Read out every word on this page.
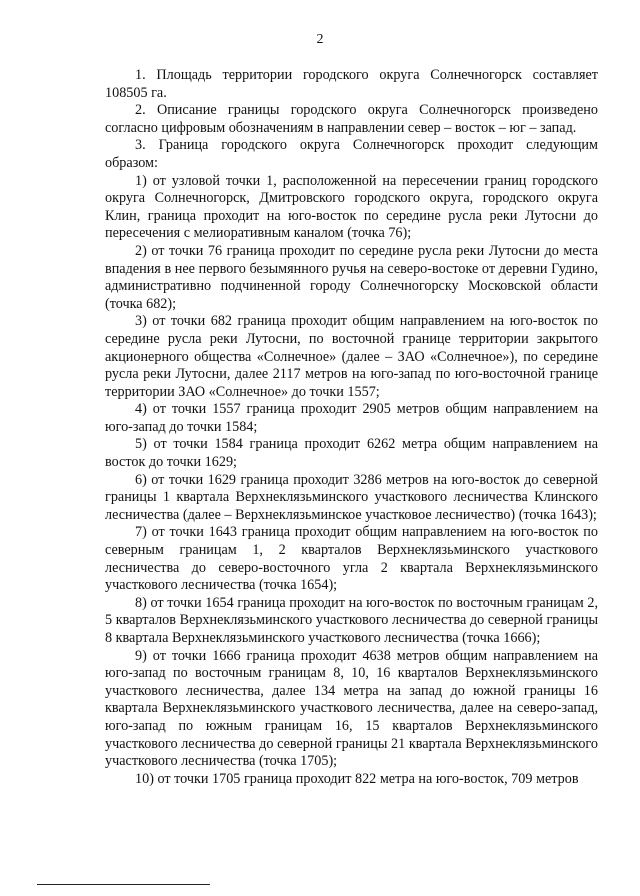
2

1. Площадь территории городского округа Солнечногорск составляет 108505 га.

2. Описание границы городского округа Солнечногорск произведено согласно цифровым обозначениям в направлении север – восток – юг – запад.

3. Граница городского округа Солнечногорск проходит следующим образом:

1) от узловой точки 1, расположенной на пересечении границ городского округа Солнечногорск, Дмитровского городского округа, городского округа Клин, граница проходит на юго-восток по середине русла реки Лутосни до пересечения с мелиоративным каналом (точка 76);

2) от точки 76 граница проходит по середине русла реки Лутосни до места впадения в нее первого безымянного ручья на северо-востоке от деревни Гудино, административно подчиненной городу Солнечногорску Московской области (точка 682);

3) от точки 682 граница проходит общим направлением на юго-восток по середине русла реки Лутосни, по восточной границе территории закрытого акционерного общества «Солнечное» (далее – ЗАО «Солнечное»), по середине русла реки Лутосни, далее 2117 метров на юго-запад по юго-восточной границе территории ЗАО «Солнечное» до точки 1557;

4) от точки 1557 граница проходит 2905 метров общим направлением на юго-запад до точки 1584;

5) от точки 1584 граница проходит 6262 метра общим направлением на восток до точки 1629;

6) от точки 1629 граница проходит 3286 метров на юго-восток до северной границы 1 квартала Верхнеклязьминского участкового лесничества Клинского лесничества (далее – Верхнеклязьминское участковое лесничество) (точка 1643);

7) от точки 1643 граница проходит общим направлением на юго-восток по северным границам 1, 2 кварталов Верхнеклязьминского участкового лесничества до северо-восточного угла 2 квартала Верхнеклязьминского участкового лесничества (точка 1654);

8) от точки 1654 граница проходит на юго-восток по восточным границам 2, 5 кварталов Верхнеклязьминского участкового лесничества до северной границы 8 квартала Верхнеклязьминского участкового лесничества (точка 1666);

9) от точки 1666 граница проходит 4638 метров общим направлением на юго-запад по восточным границам 8, 10, 16 кварталов Верхнеклязьминского участкового лесничества, далее 134 метра на запад до южной границы 16 квартала Верхнеклязьминского участкового лесничества, далее на северо-запад, юго-запад по южным границам 16, 15 кварталов Верхнеклязьминского участкового лесничества до северной границы 21 квартала Верхнеклязьминского участкового лесничества (точка 1705);

10) от точки 1705 граница проходит 822 метра на юго-восток, 709 метров
